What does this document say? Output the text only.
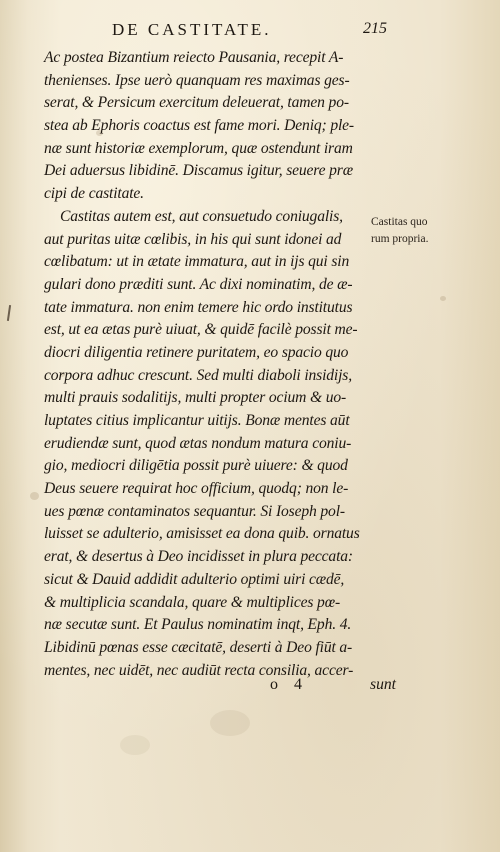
DE CASTITATE.	215
Ac postea Bizantium reiecto Pausania, recepit A-
thenienses. Ipse uerò quanquam res maximas ges-
serat, & Persicum exercitum deleuerat, tamen po-
stea ab Ephoris coactus est fame mori. Deniq; ple-
næ sunt historiæ exemplorum, quæ ostendunt iram
Dei aduersus libidinē. Discamus igitur, seuere præ
cipi de castitate.
Castitas autem est, aut consuetudo coniugalis,
aut puritas uitæ cœlibis, in his qui sunt idonei ad
cœlibatum: ut in ætate immatura, aut in ijs qui sin
gulari dono præditi sunt. Ac dixi nominatim, de æ-
tate immatura. non enim temere hic ordo institutus
est, ut ea ætas purè uiuat, & quidē facilè possit me-
diocri diligentia retinere puritatem, eo spacio quo
corpora adhuc crescunt. Sed multi diaboli insidijs,
multi prauis sodalitijs, multi propter ocium & uo-
luptates citius implicantur uitijs. Bonæ mentes aūt
erudiendæ sunt, quod ætas nondum matura coniu-
gio, mediocri diligētia possit purè uiuere: & quod
Deus seuere requirat hoc officium, quodq; non le-
ues pœnæ contaminatos sequantur. Si Ioseph pol-
luisset se adulterio, amisisset ea dona quib. ornatus
erat, & desertus à Deo incidisset in plura peccata:
sicut & Dauid addidit adulterio optimi uiri cædē,
& multiplicia scandala, quare & multiplices pœ-
næ secutæ sunt. Et Paulus nominatim inqt, Eph. 4.
Libidinū pœnas esse cæcitatē, deserti à Deo fiūt a-
mentes, nec uidēt, nec audiūt recta consilia, accer-
Castitas quo
rum propria.
o 4	sunt
